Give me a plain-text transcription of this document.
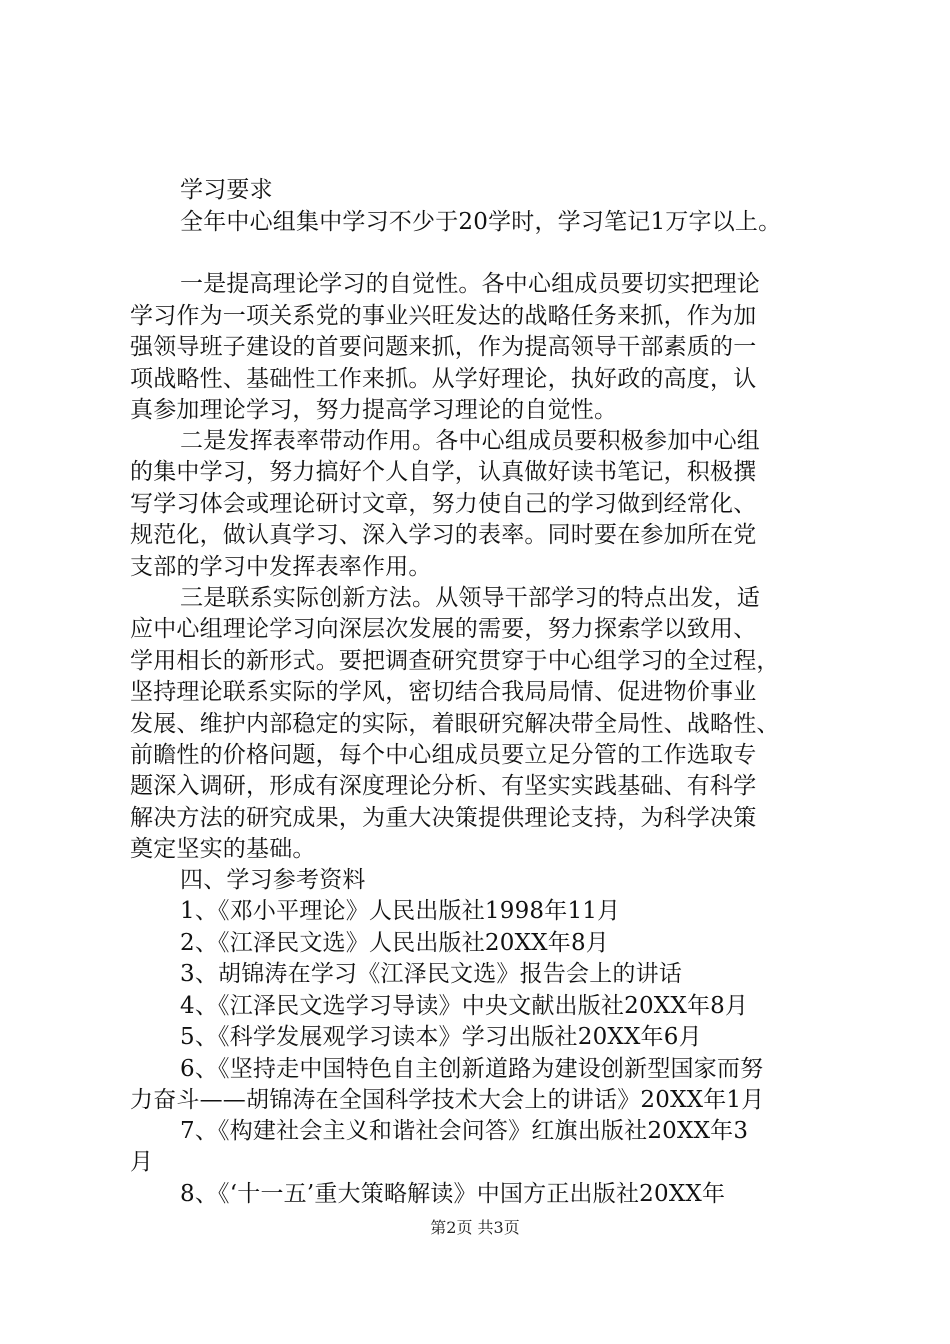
学习要求
全年中心组集中学习不少于20学时，学习笔记1万字以上。
一是提高理论学习的自觉性。各中心组成员要切实把理论
学习作为一项关系党的事业兴旺发达的战略任务来抓，作为加
强领导班子建设的首要问题来抓，作为提高领导干部素质的一
项战略性、基础性工作来抓。从学好理论，执好政的高度，认
真参加理论学习，努力提高学习理论的自觉性。
二是发挥表率带动作用。各中心组成员要积极参加中心组
的集中学习，努力搞好个人自学，认真做好读书笔记，积极撰
写学习体会或理论研讨文章，努力使自己的学习做到经常化、
规范化，做认真学习、深入学习的表率。同时要在参加所在党
支部的学习中发挥表率作用。
三是联系实际创新方法。从领导干部学习的特点出发，适
应中心组理论学习向深层次发展的需要，努力探索学以致用、
学用相长的新形式。要把调查研究贯穿于中心组学习的全过程，
坚持理论联系实际的学风，密切结合我局局情、促进物价事业
发展、维护内部稳定的实际，着眼研究解决带全局性、战略性、
前瞻性的价格问题，每个中心组成员要立足分管的工作选取专
题深入调研，形成有深度理论分析、有坚实实践基础、有科学
解决方法的研究成果，为重大决策提供理论支持，为科学决策
奠定坚实的基础。
四、学习参考资料
1、《邓小平理论》人民出版社1998年11月
2、《江泽民文选》人民出版社20XX年8月
3、胡锦涛在学习《江泽民文选》报告会上的讲话
4、《江泽民文选学习导读》中央文献出版社20XX年8月
5、《科学发展观学习读本》学习出版社20XX年6月
6、《坚持走中国特色自主创新道路为建设创新型国家而努
力奋斗——胡锦涛在全国科学技术大会上的讲话》20XX年1月
7、《构建社会主义和谐社会问答》红旗出版社20XX年3
月
8、《‘十一五’重大策略解读》中国方正出版社20XX年
第2页 共3页
